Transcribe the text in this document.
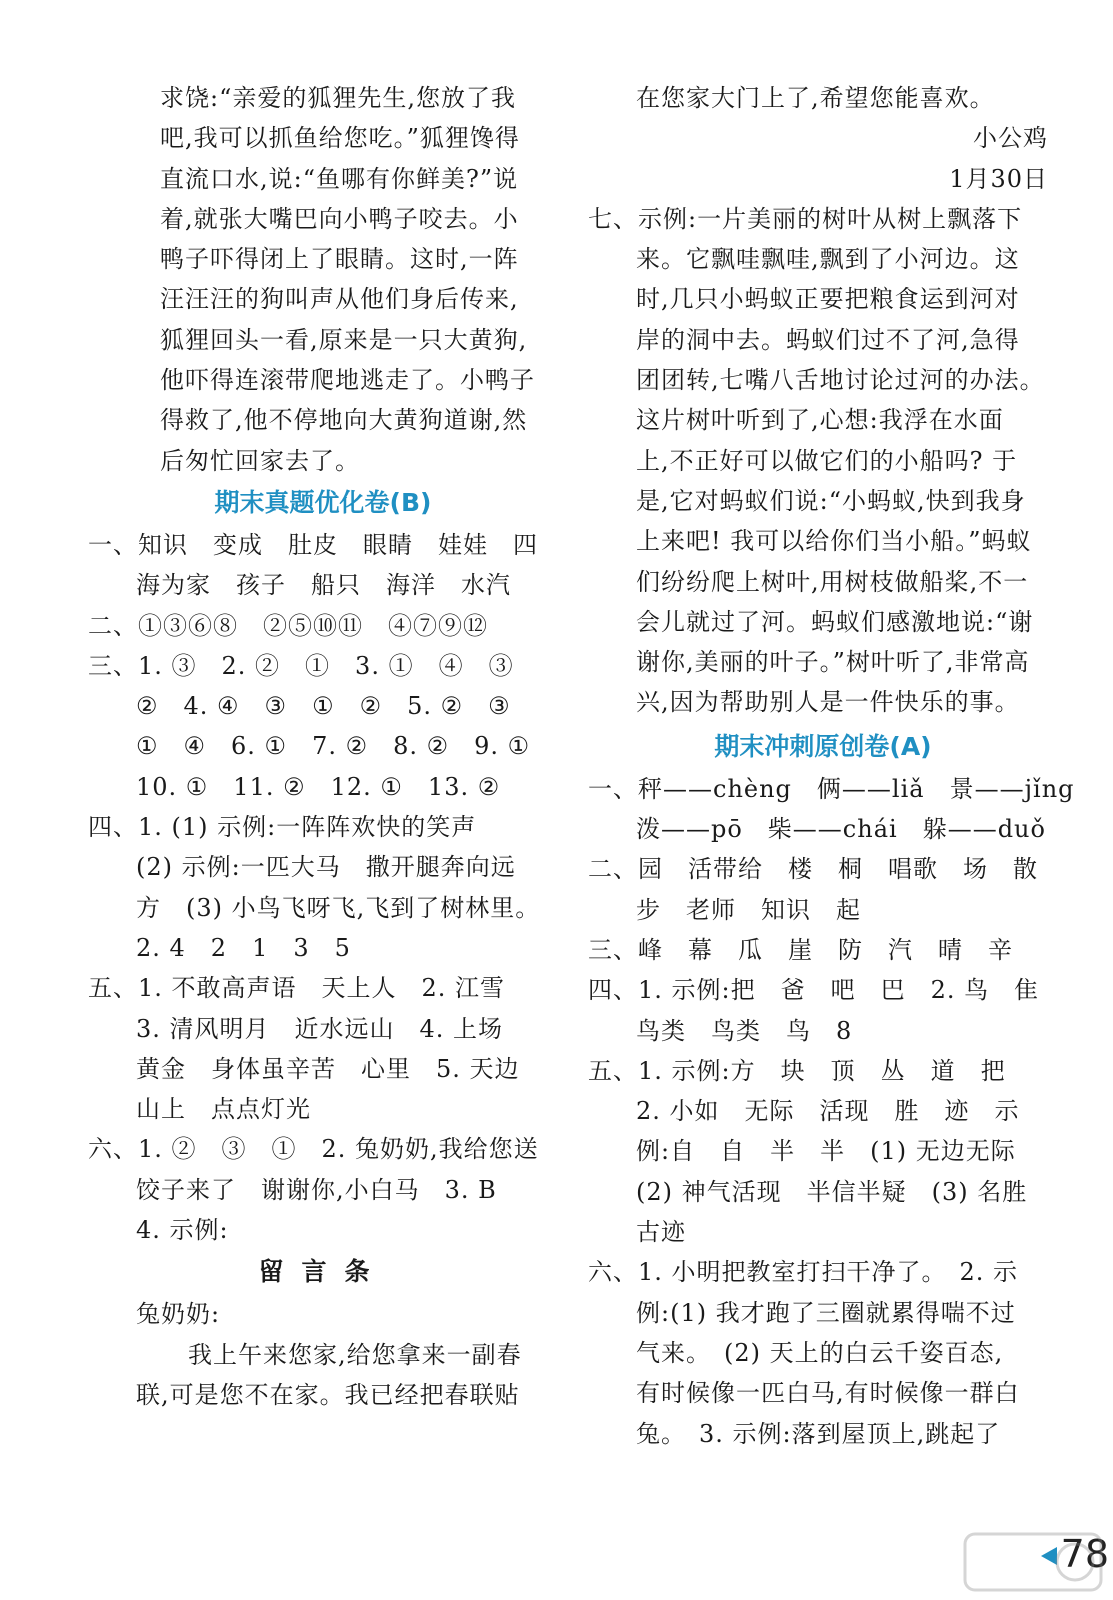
求饶:“亲爱的狐狸先生,您放了我
吧,我可以抓鱼给您吃。”狐狸馋得
直流口水,说:“鱼哪有你鲜美?”说
着,就张大嘴巴向小鸭子咬去。小
鸭子吓得闭上了眼睛。这时,一阵
汪汪汪的狗叫声从他们身后传来,
狐狸回头一看,原来是一只大黄狗,
他吓得连滚带爬地逃走了。小鸭子
得救了,他不停地向大黄狗道谢,然
后匆忙回家去了。
期末真题优化卷(B)
一、知识　变成　肚皮　眼睛　娃娃　四
海为家　孩子　船只　海洋　水汽
二、①③⑥⑧　②⑤⑩⑪　④⑦⑨⑫
三、1. ③　2. ②　①　3. ①　④　③
②　4. ④　③　①　②　5. ②　③
①　④　6. ①　7. ②　8. ②　9. ①
10. ①　11. ②　12. ①　13. ②
四、1. (1) 示例:一阵阵欢快的笑声
(2) 示例:一匹大马　撒开腿奔向远
方　(3) 小鸟飞呀飞,飞到了树林里。
2. 4　2　1　3　5
五、1. 不敢高声语　天上人　2. 江雪
3. 清风明月　近水远山　4. 上场
黄金　身体虽辛苦　心里　5. 天边
山上　点点灯光
六、1. ②　③　①　2. 兔奶奶,我给您送
饺子来了　谢谢你,小白马　3. B
4. 示例:
留言条
兔奶奶:
我上午来您家,给您拿来一副春
联,可是您不在家。我已经把春联贴
在您家大门上了,希望您能喜欢。
小公鸡
1月30日
七、示例:一片美丽的树叶从树上飘落下
来。它飘哇飘哇,飘到了小河边。这
时,几只小蚂蚁正要把粮食运到河对
岸的洞中去。蚂蚁们过不了河,急得
团团转,七嘴八舌地讨论过河的办法。
这片树叶听到了,心想:我浮在水面
上,不正好可以做它们的小船吗? 于
是,它对蚂蚁们说:“小蚂蚁,快到我身
上来吧! 我可以给你们当小船。”蚂蚁
们纷纷爬上树叶,用树枝做船桨,不一
会儿就过了河。蚂蚁们感激地说:“谢
谢你,美丽的叶子。”树叶听了,非常高
兴,因为帮助别人是一件快乐的事。
期末冲刺原创卷(A)
一、秤——chèng　俩——liǎ　景——jǐng
泼——pō　柴——chái　躲——duǒ
二、园　活带给　楼　桐　唱歌　场　散
步　老师　知识　起
三、峰　幕　瓜　崖　防　汽　晴　辛
四、1. 示例:把　爸　吧　巴　2. 鸟　隹
鸟类　鸟类　鸟　8
五、1. 示例:方　块　顶　丛　道　把
2. 小如　无际　活现　胜　迹　示
例:自　自　半　半　(1) 无边无际
(2) 神气活现　半信半疑　(3) 名胜
古迹
六、1. 小明把教室打扫干净了。　2. 示
例:(1) 我才跑了三圈就累得喘不过
气来。　(2) 天上的白云千姿百态,
有时候像一匹白马,有时候像一群白
兔。　3. 示例:落到屋顶上,跳起了
78
